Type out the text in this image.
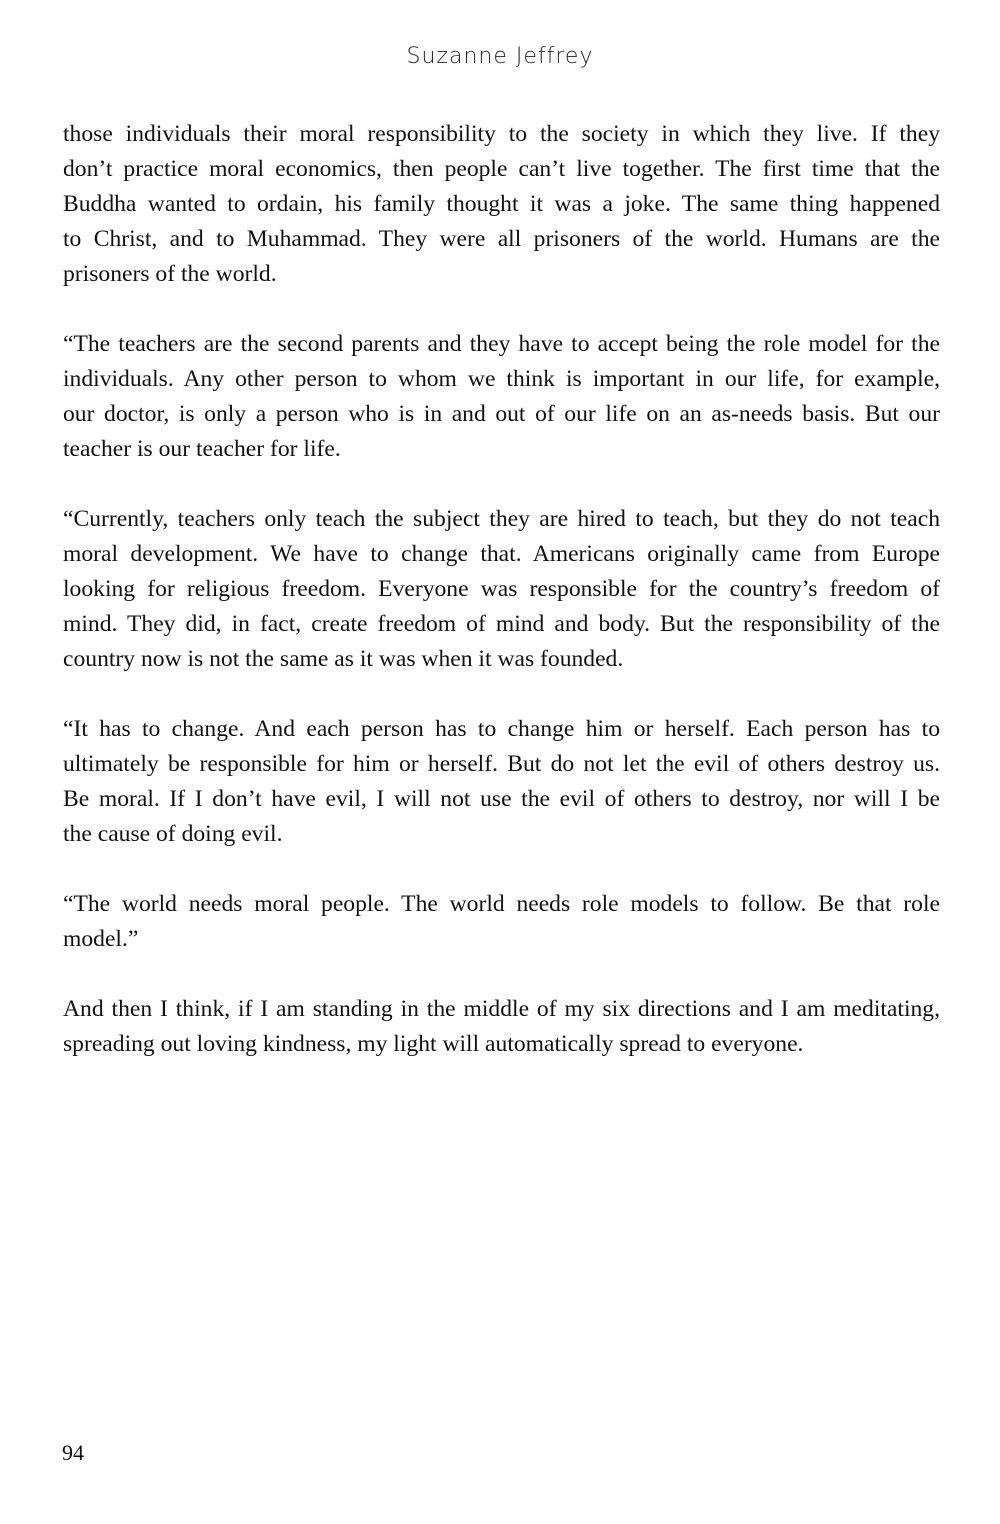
Suzanne Jeffrey

those individuals their moral responsibility to the society in which they live. If they
don’t practice moral economics, then people can’t live together. The first time that the
Buddha wanted to ordain, his family thought it was a joke. The same thing happened
to Christ, and to Muhammad. They were all prisoners of the world. Humans are the
prisoners of the world.

“The teachers are the second parents and they have to accept being the role model for the
individuals. Any other person to whom we think is important in our life, for example,
our doctor, is only a person who is in and out of our life on an as-needs basis. But our
teacher is our teacher for life.

“Currently, teachers only teach the subject they are hired to teach, but they do not teach
moral development. We have to change that. Americans originally came from Europe
looking for religious freedom. Everyone was responsible for the country’s freedom of
mind. They did, in fact, create freedom of mind and body. But the responsibility of the
country now is not the same as it was when it was founded.

“It has to change. And each person has to change him or herself. Each person has to
ultimately be responsible for him or herself. But do not let the evil of others destroy us.
Be moral. If I don’t have evil, I will not use the evil of others to destroy, nor will I be
the cause of doing evil.

“The world needs moral people. The world needs role models to follow. Be that role
model.”

And then I think, if I am standing in the middle of my six directions and I am meditating,
spreading out loving kindness, my light will automatically spread to everyone.

94
